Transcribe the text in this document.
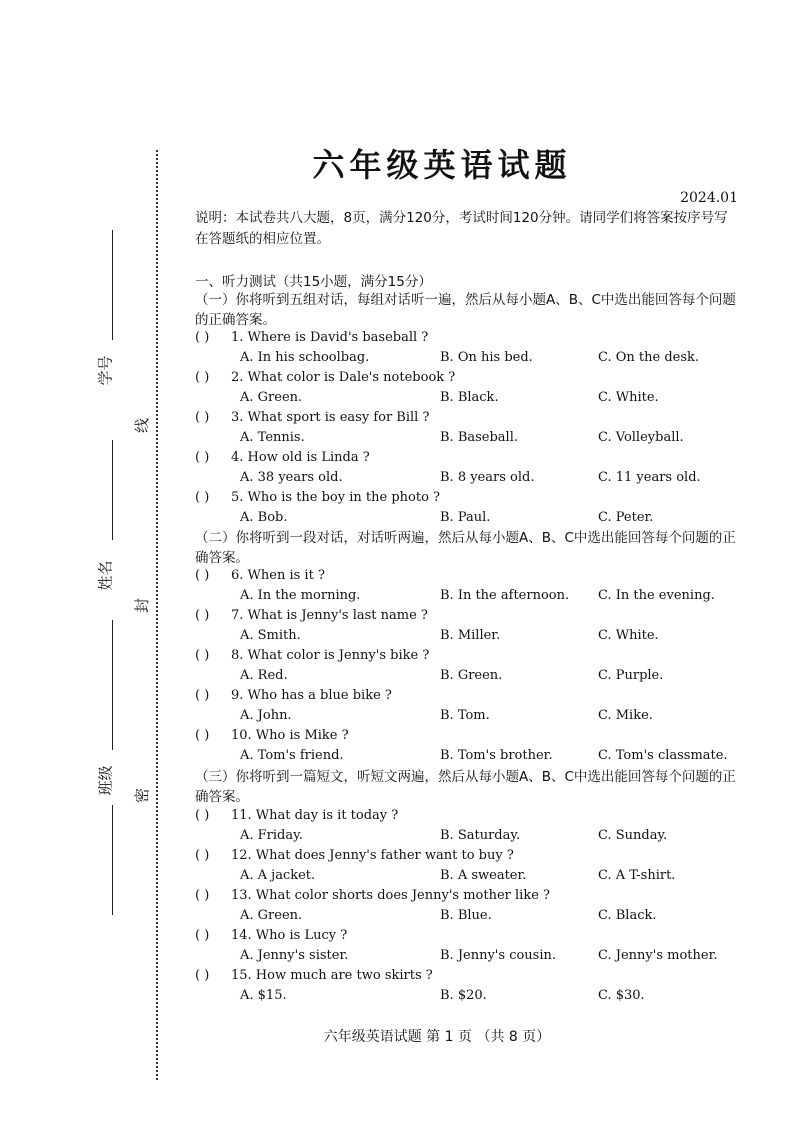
学号
线
姓名
封
班级 密
六年级英语试题
2024.01
说明：本试卷共八大题，8页，满分120分，考试时间120分钟。请同学们将答案按序号写在答题纸的相应位置。
一、听力测试（共15小题，满分15分）
（一）你将听到五组对话，每组对话听一遍，然后从每小题A、B、C中选出能回答每个问题的正确答案。
( ) 1. Where is David's baseball ?
A. In his schoolbag.	B. On his bed.	C. On the desk.
( ) 2. What color is Dale's notebook ?
A. Green.	B. Black.	C. White.
( ) 3. What sport is easy for Bill ?
A. Tennis.	B. Baseball.	C. Volleyball.
( ) 4. How old is Linda ?
A. 38 years old.	B. 8 years old.	C. 11 years old.
( ) 5. Who is the boy in the photo ?
A. Bob.	B. Paul.	C. Peter.
( ) 6. When is it ?
A. In the morning.	B. In the afternoon. C. In the evening.
( ) 7. What is Jenny's last name ?
A. Smith.	B. Miller.	C. White.
( ) 8. What color is Jenny's bike ?
A. Red.	B. Green.	C. Purple.
( ) 9. Who has a blue bike ?
A. John.	B. Tom.	C. Mike.
( ) 10. Who is Mike ?
A. Tom's friend.	B. Tom's brother.	C. Tom's classmate.
( ) 11. What day is it today ?
A. Friday.	B. Saturday.	C. Sunday.
( ) 12. What does Jenny's father want to buy ?
A. A jacket.	B. A sweater.	C. A T-shirt.
( ) 13. What color shorts does Jenny's mother like ?
A. Green.	B. Blue.	C. Black.
( ) 14. Who is Lucy ?
A. Jenny's sister.	B. Jenny's cousin.	C. Jenny's mother.
( ) 15. How much are two skirts ?
A. $15.	B. $20.	C. $30.
（二）你将听到一段对话，对话听两遍，然后从每小题A、B、C中选出能回答每个问题的正确答案。
（三）你将听到一篇短文，听短文两遍，然后从每小题A、B、C中选出能回答每个问题的正确答案。
六年级英语试题 第 1 页 （共 8 页）
